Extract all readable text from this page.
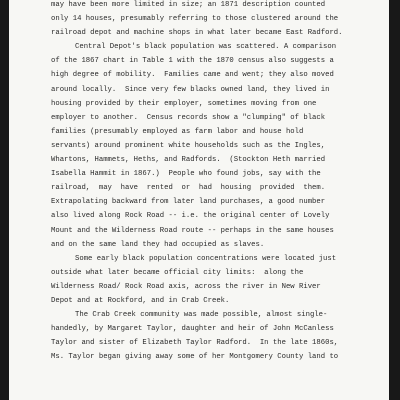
may have been more limited in size; an 1871 description counted
only 14 houses, presumably referring to those clustered around the
railroad depot and machine shops in what later became East Radford.
Central Depot's black population was scattered. A comparison
of the 1867 chart in Table 1 with the 1870 census also suggests a
high degree of mobility.  Families came and went; they also moved
around locally.  Since very few blacks owned land, they lived in
housing provided by their employer, sometimes moving from one
employer to another.  Census records show a "clumping" of black
families (presumably employed as farm labor and house hold
servants) around prominent white households such as the Ingles,
Whartons, Hammets, Heths, and Radfords.  (Stockton Heth married
Isabella Hammit in 1867.)  People who found jobs, say with the
railroad,  may  have  rented  or  had  housing  provided  them.
Extrapolating backward from later land purchases, a good number
also lived along Rock Road -- i.e. the original center of Lovely
Mount and the Wilderness Road route -- perhaps in the same houses
and on the same land they had occupied as slaves.
Some early black population concentrations were located just
outside what later became official city limits:  along the
Wilderness Road/ Rock Road axis, across the river in New River
Depot and at Rockford, and in Crab Creek.
The Crab Creek community was made possible, almost single-
handedly, by Margaret Taylor, daughter and heir of John McCanless
Taylor and sister of Elizabeth Taylor Radford.  In the late 1860s,
Ms. Taylor began giving away some of her Montgomery County land to
